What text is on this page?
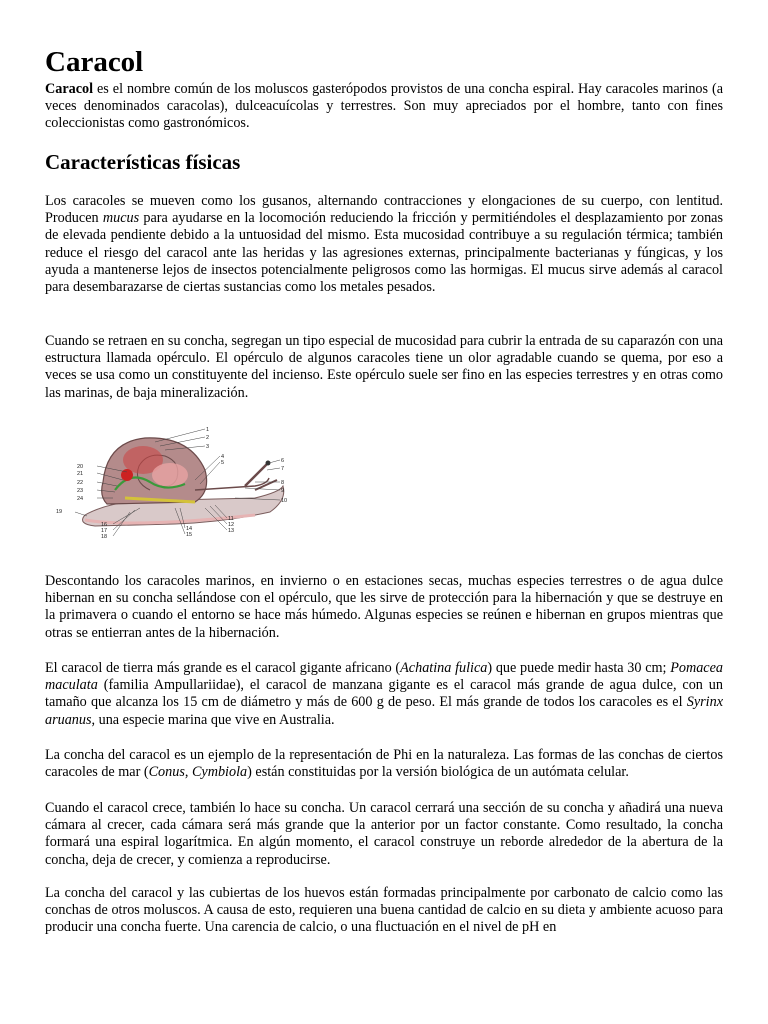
Caracol

Caracol es el nombre común de los moluscos gasterópodos provistos de una concha espiral. Hay caracoles marinos (a veces denominados caracolas), dulceacuícolas y terrestres. Son muy apreciados por el hombre, tanto con fines coleccionistas como gastronómicos.

Características físicas

Los caracoles se mueven como los gusanos, alternando contracciones y elongaciones de su cuerpo, con lentitud. Producen mucus para ayudarse en la locomoción reduciendo la fricción y permitiéndoles el desplazamiento por zonas de elevada pendiente debido a la untuosidad del mismo. Esta mucosidad contribuye a su regulación térmica; también reduce el riesgo del caracol ante las heridas y las agresiones externas, principalmente bacterianas y fúngicas, y los ayuda a mantenerse lejos de insectos potencialmente peligrosos como las hormigas. El mucus sirve además al caracol para desembarazarse de ciertas sustancias como los metales pesados.

Cuando se retraen en su concha, segregan un tipo especial de mucosidad para cubrir la entrada de su caparazón con una estructura llamada opérculo. El opérculo de algunos caracoles tiene un olor agradable cuando se quema, por eso a veces se usa como un constituyente del incienso. Este opérculo suele ser fino en las especies terrestres y en otras como las marinas, de baja mineralización.

1
2
3
4
5	6
7
8
9
10
11
12
13
14
15
16
17
18
19
20
21
22
23
24

Descontando los caracoles marinos, en invierno o en estaciones secas, muchas especies terrestres o de agua dulce hibernan en su concha sellándose con el opérculo, que les sirve de protección para la hibernación y que se destruye en la primavera o cuando el entorno se hace más húmedo. Algunas especies se reúnen e hibernan en grupos mientras que otras se entierran antes de la hibernación.

El caracol de tierra más grande es el caracol gigante africano (Achatina fulica) que puede medir hasta 30 cm; Pomacea maculata (familia Ampullariidae), el caracol de manzana gigante es el caracol más grande de agua dulce, con un tamaño que alcanza los 15 cm de diámetro y más de 600 g de peso. El más grande de todos los caracoles es el Syrinx aruanus, una especie marina que vive en Australia.

La concha del caracol es un ejemplo de la representación de Phi en la naturaleza. Las formas de las conchas de ciertos caracoles de mar (Conus, Cymbiola) están constituidas por la versión biológica de un autómata celular.

Cuando el caracol crece, también lo hace su concha. Un caracol cerrará una sección de su concha y añadirá una nueva cámara al crecer, cada cámara será más grande que la anterior por un factor constante. Como resultado, la concha formará una espiral logarítmica. En algún momento, el caracol construye un reborde alrededor de la abertura de la concha, deja de crecer, y comienza a reproducirse.

La concha del caracol y las cubiertas de los huevos están formadas principalmente por carbonato de calcio como las conchas de otros moluscos. A causa de esto, requieren una buena cantidad de calcio en su dieta y ambiente acuoso para producir una concha fuerte. Una carencia de calcio, o una fluctuación en el nivel de pH en
